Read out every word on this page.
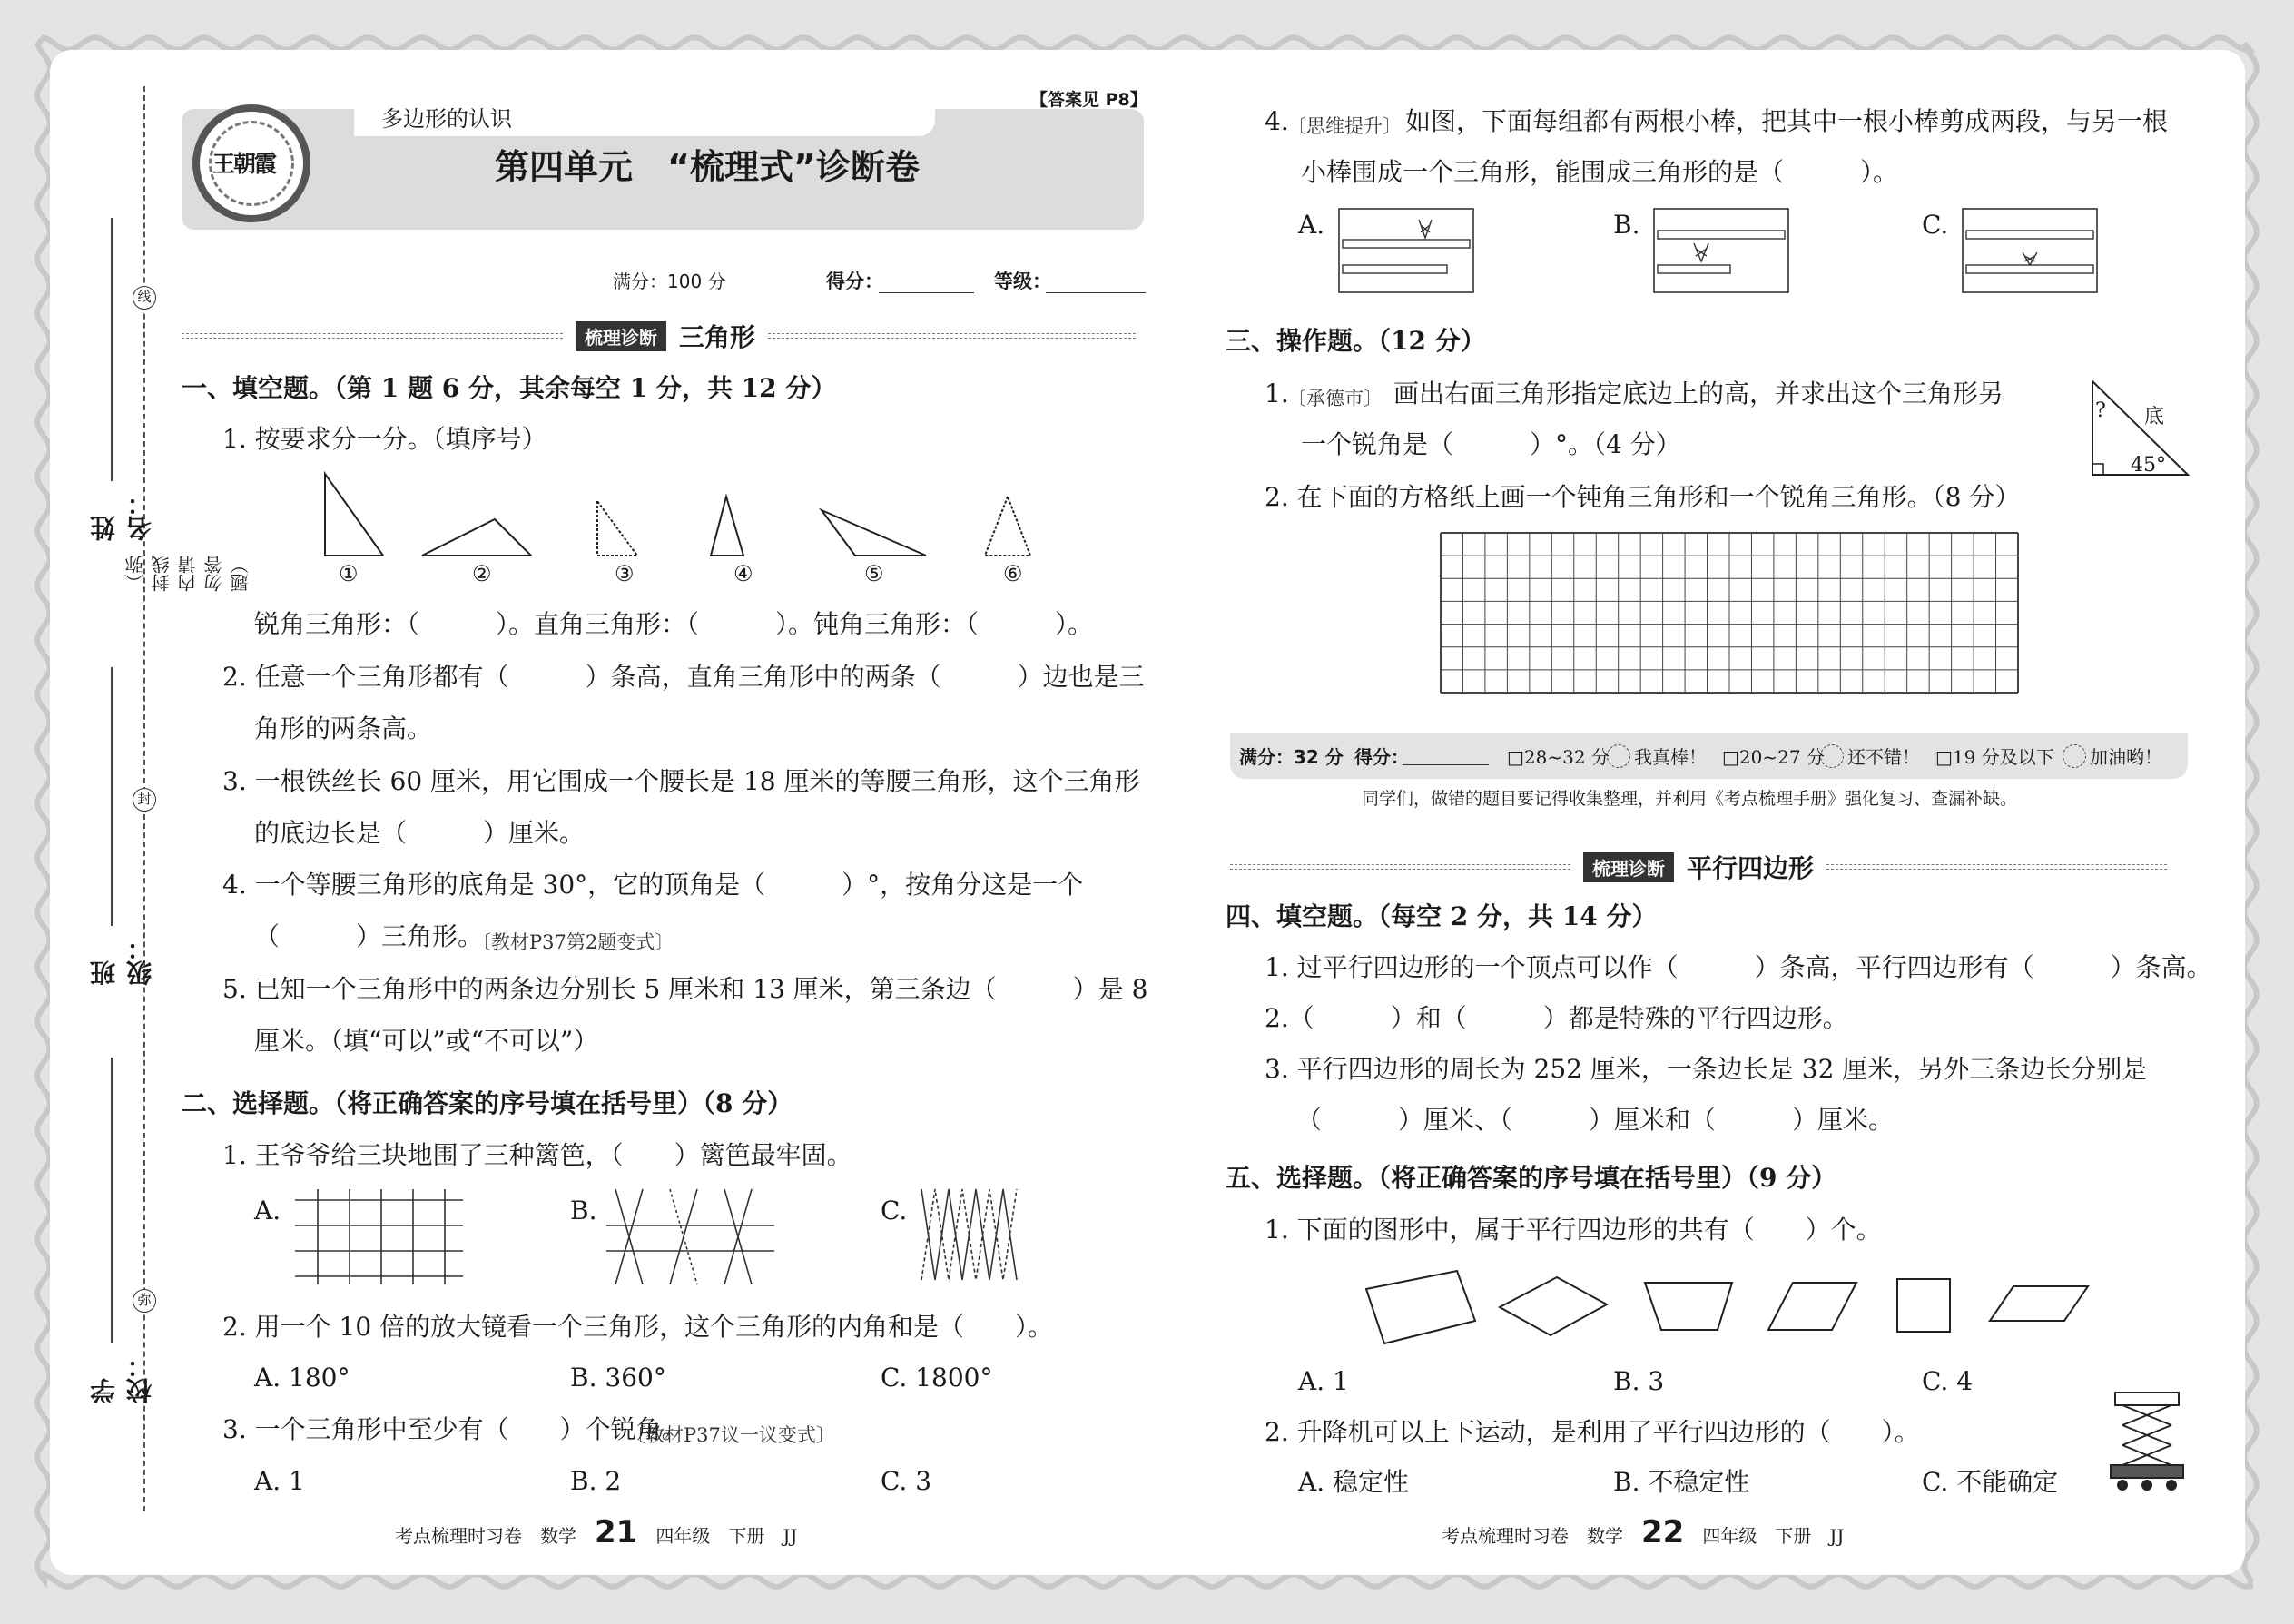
线
封
弥
（弥封线内请勿答题）
姓名：
班级：
学校：
多边形的认识
【答案见 P8】
王朝霞	第四单元　“梳理式”诊断卷
满分：100 分	得分：	等级：
梳理诊断 三角形
一、填空题。（第 1 题 6 分，其余每空 1 分，共 12 分）
1. 按要求分一分。（填序号）
①	②	③	④	⑤	⑥
锐角三角形：（　　　）。直角三角形：（　　　）。钝角三角形：（　　　）。
2. 任意一个三角形都有（　　　）条高，直角三角形中的两条（　　　）边也是三
角形的两条高。
3. 一根铁丝长 60 厘米，用它围成一个腰长是 18 厘米的等腰三角形，这个三角形
的底边长是（　　　）厘米。
4. 一个等腰三角形的底角是 30°，它的顶角是（　　　）°，按角分这是一个
（　　　）三角形。
〔教材P37第2题变式〕
5. 已知一个三角形中的两条边分别长 5 厘米和 13 厘米，第三条边（　　　）是 8
厘米。（填“可以”或“不可以”）
二、选择题。（将正确答案的序号填在括号里）（8 分）
1. 王爷爷给三块地围了三种篱笆，（　　）篱笆最牢固。
A.	B.	C.
2. 用一个 10 倍的放大镜看一个三角形，这个三角形的内角和是（　　）。
A. 180°	B. 360°	C. 1800°
3. 一个三角形中至少有（　　）个锐角。
〔教材P37议一议变式〕
A. 1	B. 2	C. 3
考点梳理时习卷　数学 21 四年级　下册　JJ
4.
〔思维提升〕 如图，下面每组都有两根小棒，把其中一根小棒剪成两段，与另一根
小棒围成一个三角形，能围成三角形的是（　　　）。
A.	B.	C.
三、操作题。（12 分）
1.
〔承德市〕 画出右面三角形指定底边上的高，并求出这个三角形另
一个锐角是（　　　）°。（4 分）
? 底
45°
2. 在下面的方格纸上画一个钝角三角形和一个锐角三角形。（8 分）
满分：32 分 得分：	□28~32 分 我真棒！ □20~27 分 还不错！ □19 分及以下 加油哟！
同学们，做错的题目要记得收集整理，并利用《考点梳理手册》强化复习、查漏补缺。
梳理诊断 平行四边形
四、填空题。（每空 2 分，共 14 分）
1. 过平行四边形的一个顶点可以作（　　　）条高，平行四边形有（　　　）条高。
2.（　　　）和（　　　）都是特殊的平行四边形。
3. 平行四边形的周长为 252 厘米，一条边长是 32 厘米，另外三条边长分别是
（　　　）厘米、（　　　）厘米和（　　　）厘米。
五、选择题。（将正确答案的序号填在括号里）（9 分）
1. 下面的图形中，属于平行四边形的共有（　　）个。
A. 1	B. 3	C. 4
2. 升降机可以上下运动，是利用了平行四边形的（　　）。
A. 稳定性	B. 不稳定性	C. 不能确定
考点梳理时习卷　数学 22 四年级　下册　JJ
